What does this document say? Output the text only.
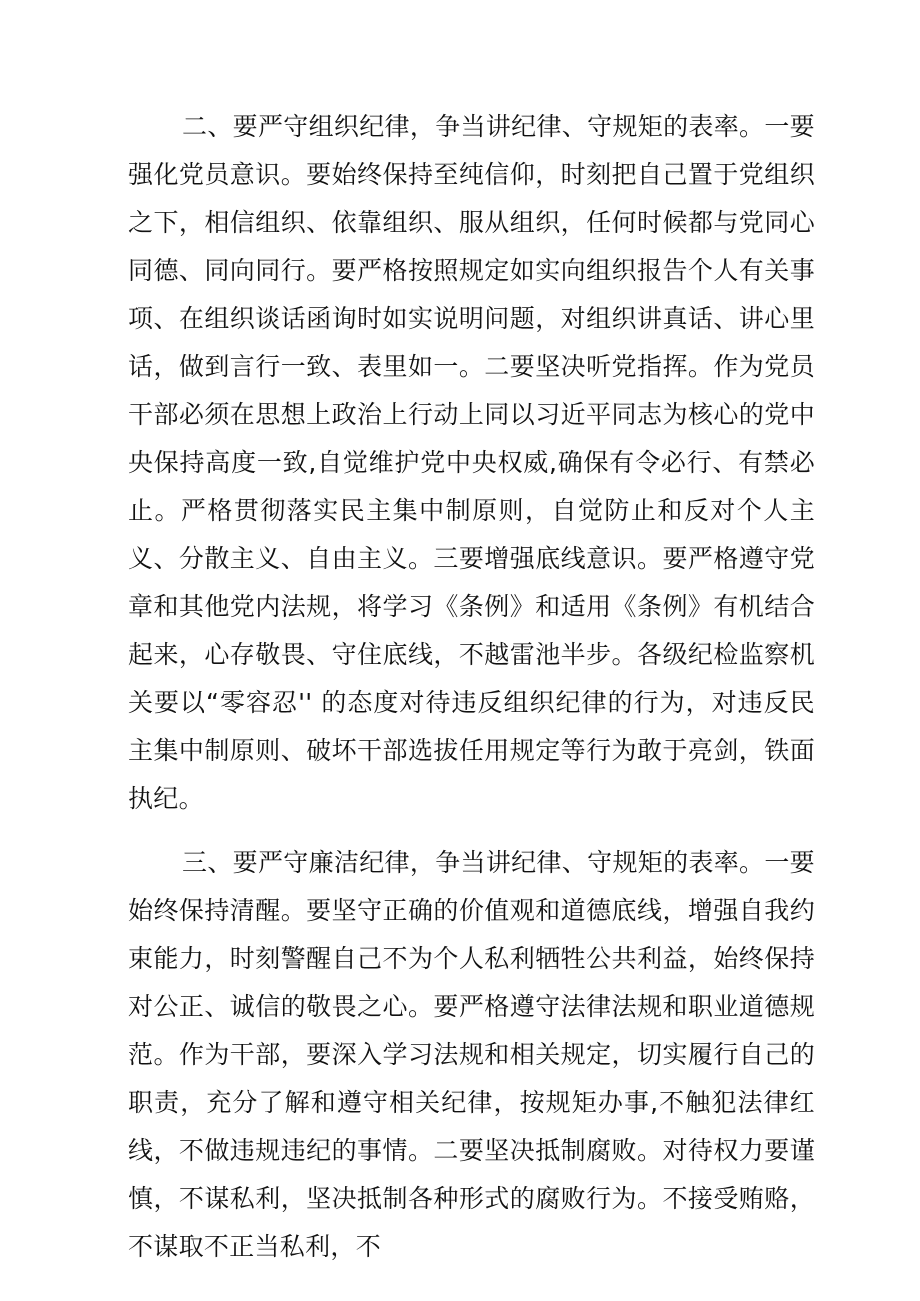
二、要严守组织纪律，争当讲纪律、守规矩的表率。一要强化党员意识。要始终保持至纯信仰，时刻把自己置于党组织之下，相信组织、依靠组织、服从组织，任何时候都与党同心同德、同向同行。要严格按照规定如实向组织报告个人有关事项、在组织谈话函询时如实说明问题，对组织讲真话、讲心里话，做到言行一致、表里如一。二要坚决听党指挥。作为党员干部必须在思想上政治上行动上同以习近平同志为核心的党中央保持高度一致,自觉维护党中央权威,确保有令必行、有禁必止。严格贯彻落实民主集中制原则，自觉防止和反对个人主义、分散主义、自由主义。三要增强底线意识。要严格遵守党章和其他党内法规，将学习《条例》和适用《条例》有机结合起来，心存敬畏、守住底线，不越雷池半步。各级纪检监察机关要以“零容忍'' 的态度对待违反组织纪律的行为，对违反民主集中制原则、破坏干部选拔任用规定等行为敢于亮剑，铁面执纪。

三、要严守廉洁纪律，争当讲纪律、守规矩的表率。一要始终保持清醒。要坚守正确的价值观和道德底线，增强自我约束能力，时刻警醒自己不为个人私利牺牲公共利益，始终保持对公正、诚信的敬畏之心。要严格遵守法律法规和职业道德规范。作为干部，要深入学习法规和相关规定，切实履行自己的职责，充分了解和遵守相关纪律，按规矩办事,不触犯法律红线，不做违规违纪的事情。二要坚决抵制腐败。对待权力要谨慎，不谋私利，坚决抵制各种形式的腐败行为。不接受贿赂，不谋取不正当私利，不
